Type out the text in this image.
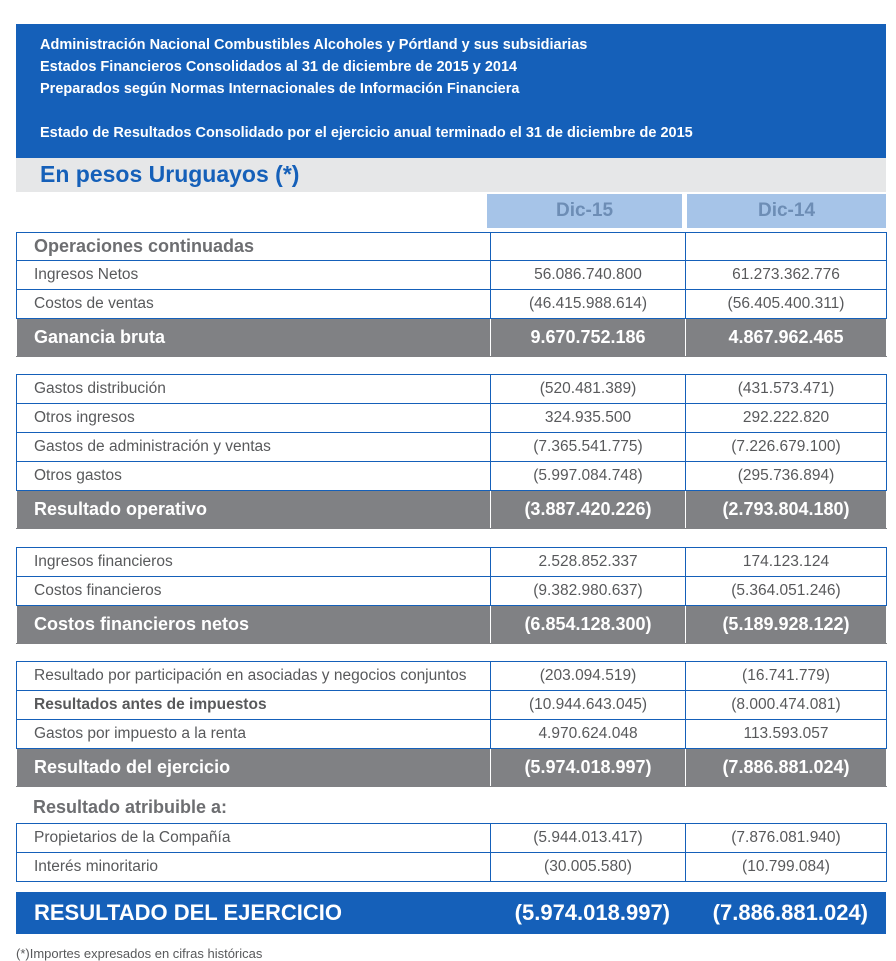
Administración Nacional Combustibles Alcoholes y Pórtland y sus subsidiarias
Estados Financieros Consolidados al 31 de diciembre de 2015 y 2014
Preparados según Normas Internacionales de Información Financiera
Estado de Resultados Consolidado por el ejercicio anual terminado el 31 de diciembre de 2015
En pesos Uruguayos (*)
Dic-15	Dic-14
Operaciones continuadas		
Ingresos Netos	56.086.740.800	61.273.362.776
Costos de ventas	(46.415.988.614)	(56.405.400.311)
Ganancia bruta	9.670.752.186	4.867.962.465
Gastos distribución	(520.481.389)	(431.573.471)
Otros ingresos	324.935.500	292.222.820
Gastos de administración y ventas	(7.365.541.775)	(7.226.679.100)
Otros gastos	(5.997.084.748)	(295.736.894)
Resultado operativo	(3.887.420.226)	(2.793.804.180)
Ingresos financieros	2.528.852.337	174.123.124
Costos financieros	(9.382.980.637)	(5.364.051.246)
Costos financieros netos	(6.854.128.300)	(5.189.928.122)
Resultado por participación en asociadas y negocios conjuntos	(203.094.519)	(16.741.779)
Resultados antes de impuestos	(10.944.643.045)	(8.000.474.081)
Gastos por impuesto a la renta	4.970.624.048	113.593.057
Resultado del ejercicio	(5.974.018.997)	(7.886.881.024)
Resultado atribuible a:
Propietarios de la Compañía	(5.944.013.417)	(7.876.081.940)
Interés minoritario	(30.005.580)	(10.799.084)
RESULTADO DEL EJERCICIO	(5.974.018.997)	(7.886.881.024)
(*)Importes expresados en cifras históricas
